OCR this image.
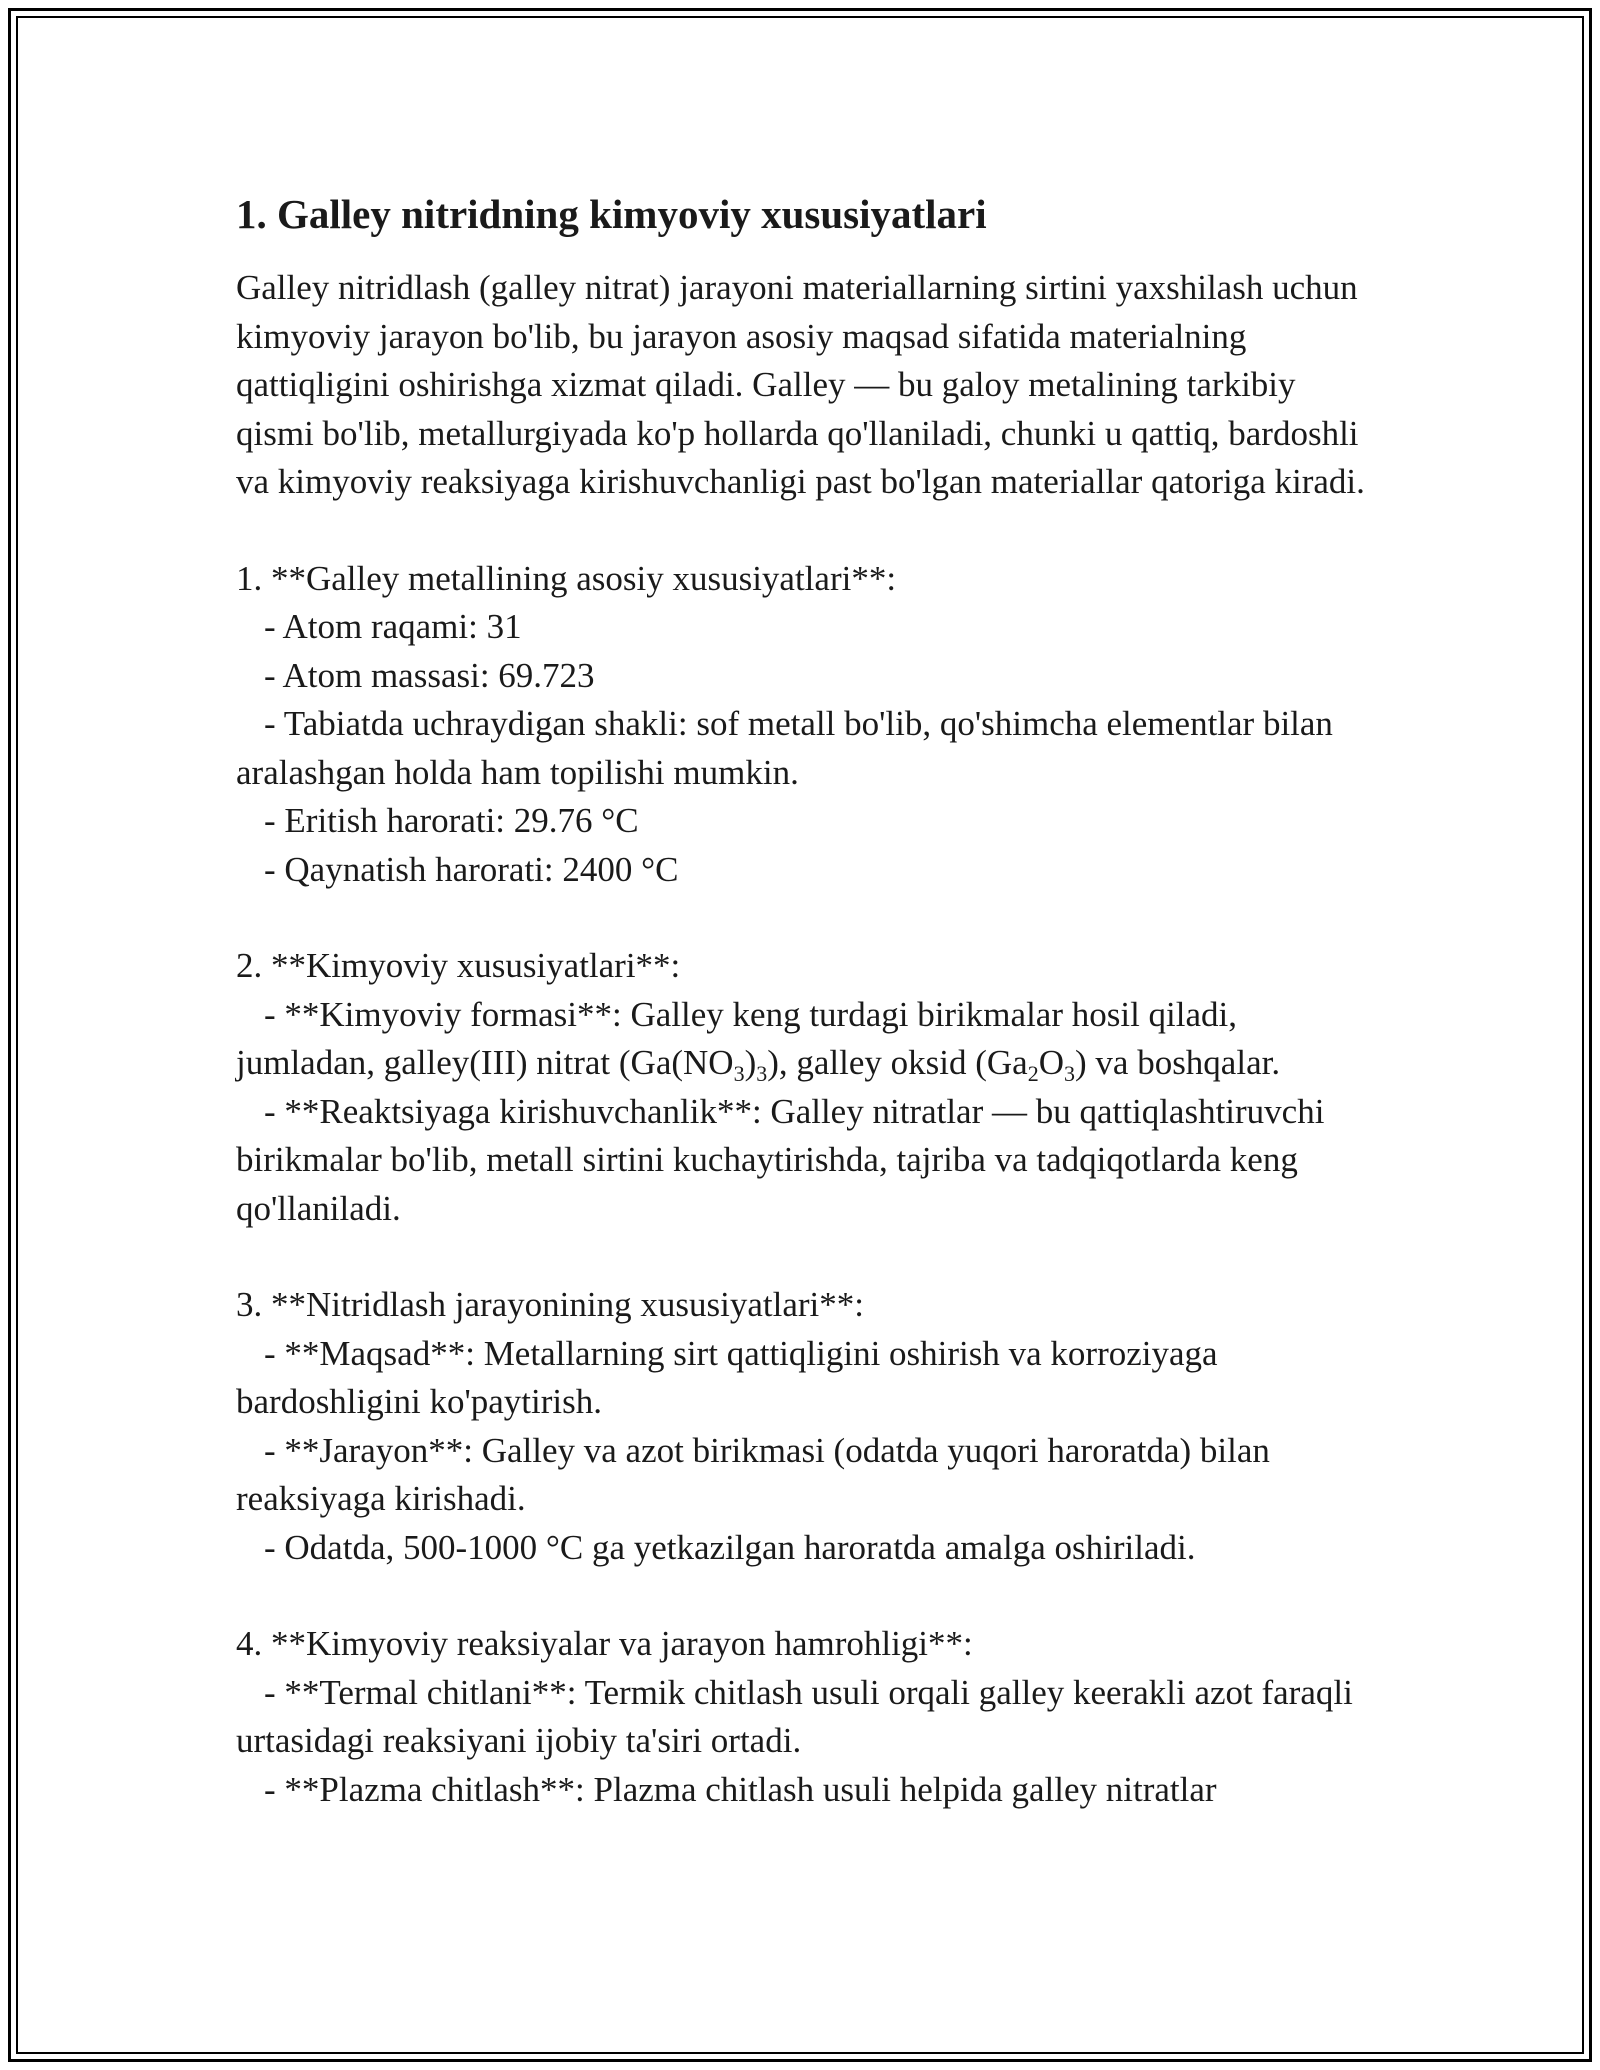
1. Galley nitridning kimyoviy xususiyatlari

Galley nitridlash (galley nitrat) jarayoni materiallarning sirtini yaxshilash uchun kimyoviy jarayon bo'lib, bu jarayon asosiy maqsad sifatida materialning qattiqligini oshirishga xizmat qiladi. Galley — bu galoy metalining tarkibiy qismi bo'lib, metallurgiyada ko'p hollarda qo'llaniladi, chunki u qattiq, bardoshli va kimyoviy reaksiyaga kirishuvchanligi past bo'lgan materiallar qatoriga kiradi.

1. **Galley metallining asosiy xususiyatlari**:

- Atom raqami: 31

- Atom massasi: 69.723

- Tabiatda uchraydigan shakli: sof metall bo'lib, qo'shimcha elementlar bilan aralashgan holda ham topilishi mumkin.

- Eritish harorati: 29.76 °C

- Qaynatish harorati: 2400 °C

2. **Kimyoviy xususiyatlari**:

- **Kimyoviy formasi**: Galley keng turdagi birikmalar hosil qiladi, jumladan, galley(III) nitrat $(Ga(NO_3)_3)$, galley oksid $(Ga_2O_3)$ va boshqalar.

- **Reaktsiyaga kirishuvchanlik**: Galley nitratlar — bu qattiqlashtiruvchi birikmalar bo'lib, metall sirtini kuchaytirishda, tajriba va tadqiqotlarda keng qo'llaniladi.

3. **Nitridlash jarayonining xususiyatlari**:

- **Maqsad**: Metallarning sirt qattiqligini oshirish va korroziyaga bardoshligini ko'paytirish.

- **Jarayon**: Galley va azot birikmasi (odatda yuqori haroratda) bilan reaksiyaga kirishadi.

- Odatda, 500-1000 °C ga yetkazilgan haroratda amalga oshiriladi.

4. **Kimyoviy reaksiyalar va jarayon hamrohligi**:

- **Termal chitlani**: Termik chitlash usuli orqali galley keerakli azot faraqli urtasidagi reaksiyani ijobiy ta'siri ortadi.

- **Plazma chitlash**: Plazma chitlash usuli helpida galley nitratlar
